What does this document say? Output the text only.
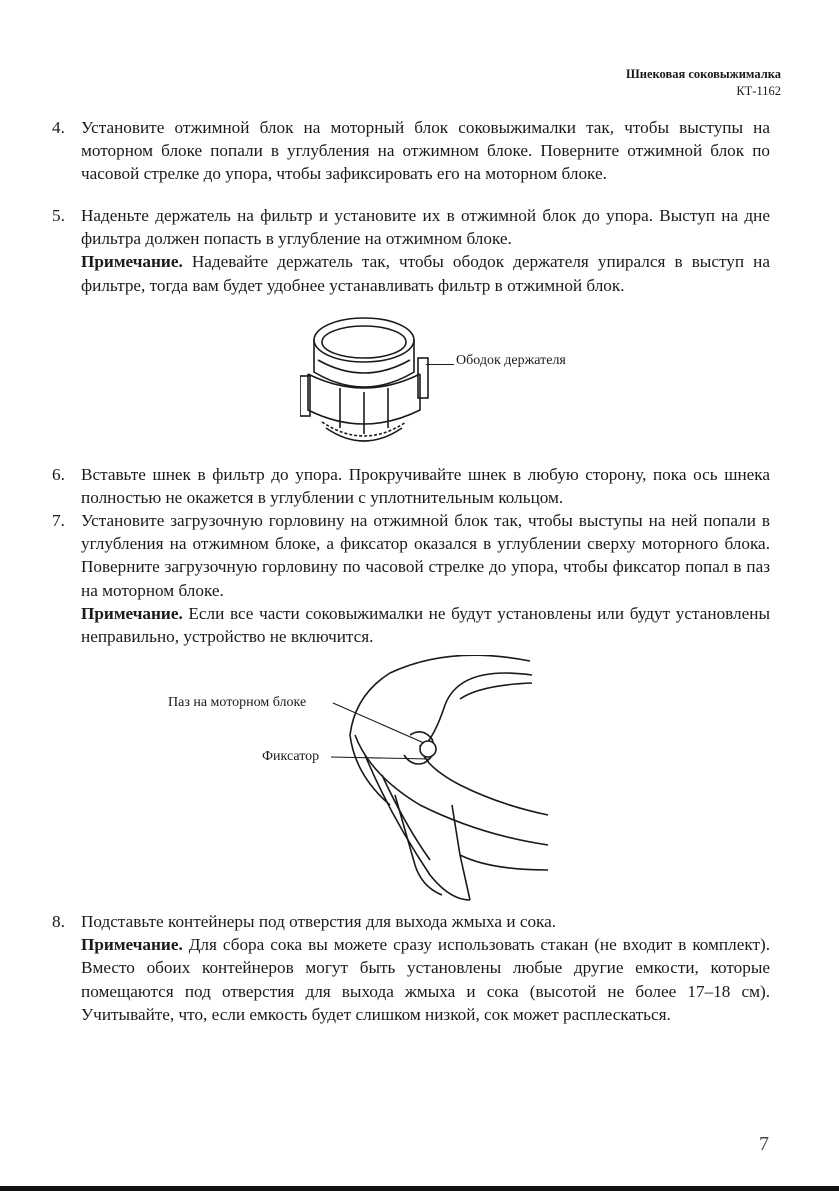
Шнековая соковыжималка
КТ-1162
4. Установите отжимной блок на моторный блок соковыжималки так, чтобы выступы на моторном блоке попали в углубления на отжимном блоке. Поверните отжимной блок по часовой стрелке до упора, чтобы зафиксировать его на моторном блоке.

5. Наденьте держатель на фильтр и установите их в отжимной блок до упора. Выступ на дне фильтра должен попасть в углубление на отжимном блоке.

Примечание. Надевайте держатель так, чтобы ободок держателя упирался в выступ на фильтре, тогда вам будет удобнее устанавливать фильтр в отжимной блок.

Ободок держателя
6. Вставьте шнек в фильтр до упора. Прокручивайте шнек в любую сторону, пока ось шнека полностью не окажется в углублении с уплотнительным кольцом.

7. Установите загрузочную горловину на отжимной блок так, чтобы выступы на ней попали в углубления на отжимном блоке, а фиксатор оказался в углублении сверху моторного блока. Поверните загрузочную горловину по часовой стрелке до упора, чтобы фиксатор попал в паз на моторном блоке.

Примечание. Если все части соковыжималки не будут установлены или будут установлены неправильно, устройство не включится.

Паз на моторном блоке
Фиксатор
8. Подставьте контейнеры под отверстия для выхода жмыха и сока.

Примечание. Для сбора сока вы можете сразу использовать стакан (не входит в комплект). Вместо обоих контейнеров могут быть установлены любые другие емкости, которые помещаются под отверстия для выхода жмыха и сока (высотой не более 17–18 см). Учитывайте, что, если емкость будет слишком низкой, сок может расплескаться.

7
